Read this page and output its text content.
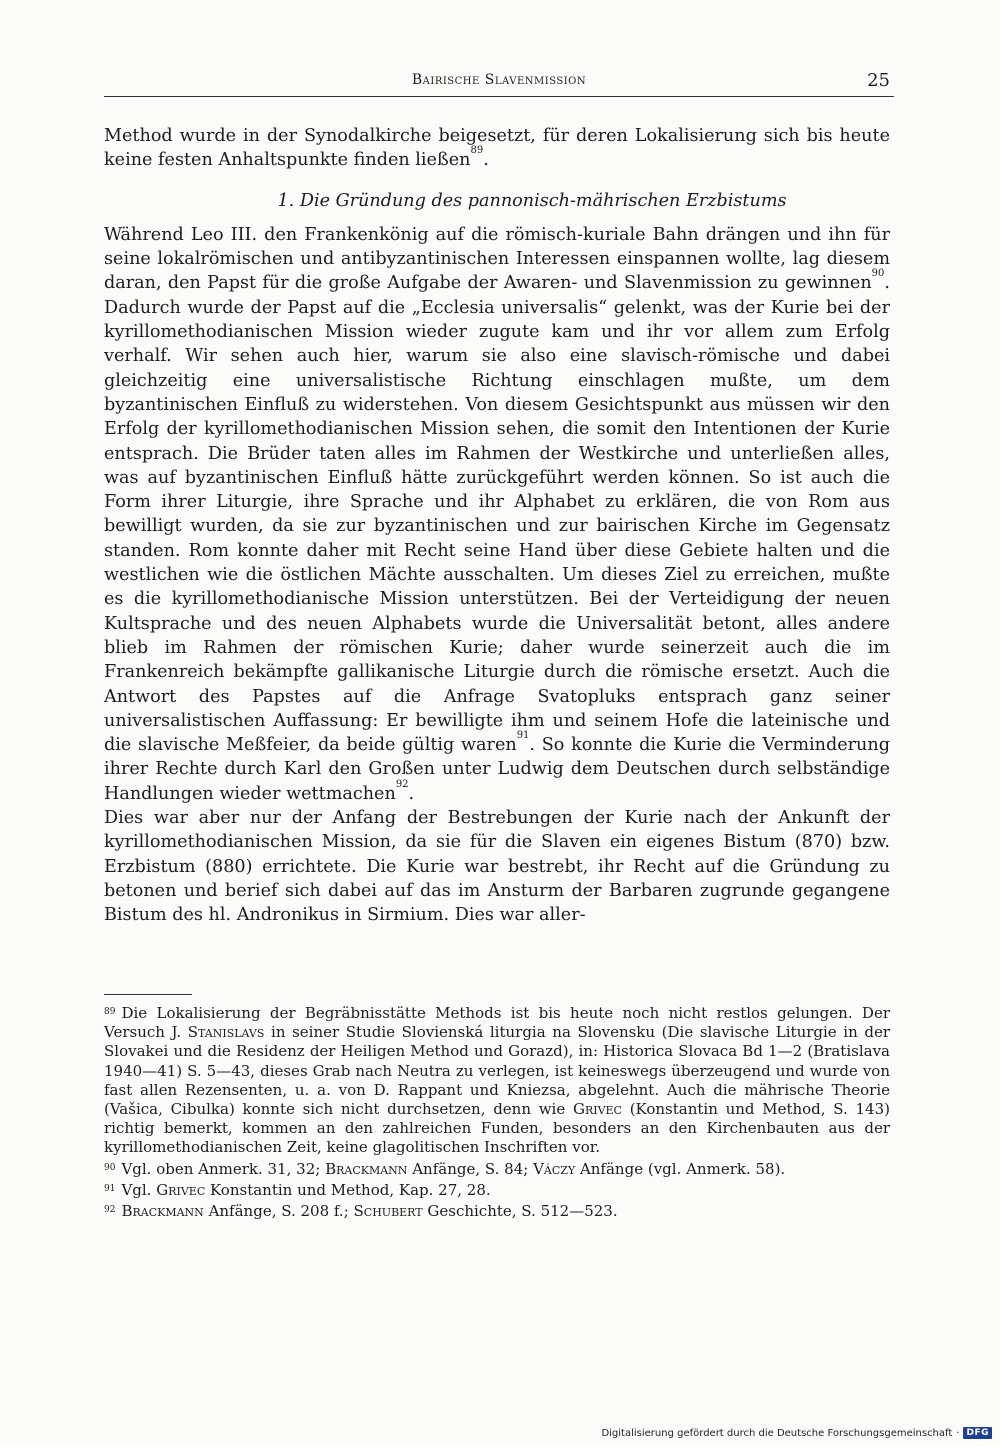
Bairische Slavenmission	25

Method wurde in der Synodalkirche beigesetzt, für deren Lokalisierung sich bis heute keine festen Anhaltspunkte finden ließen$^{89}$.

1. Die Gründung des pannonisch-mährischen Erzbistums

Während Leo III. den Frankenkönig auf die römisch-kuriale Bahn drängen und ihn für seine lokalrömischen und antibyzantinischen Interessen einspannen wollte, lag diesem daran, den Papst für die große Aufgabe der Awaren- und Slavenmission zu gewinnen$^{90}$. Dadurch wurde der Papst auf die „Ecclesia universalis“ gelenkt, was der Kurie bei der kyrillomethodianischen Mission wieder zugute kam und ihr vor allem zum Erfolg verhalf. Wir sehen auch hier, warum sie also eine slavisch-römische und dabei gleichzeitig eine universalistische Richtung einschlagen mußte, um dem byzantinischen Einfluß zu widerstehen. Von diesem Gesichtspunkt aus müssen wir den Erfolg der kyrillomethodianischen Mission sehen, die somit den Intentionen der Kurie entsprach. Die Brüder taten alles im Rahmen der Westkirche und unterließen alles, was auf byzantinischen Einfluß hätte zurückgeführt werden können. So ist auch die Form ihrer Liturgie, ihre Sprache und ihr Alphabet zu erklären, die von Rom aus bewilligt wurden, da sie zur byzantinischen und zur bairischen Kirche im Gegensatz standen. Rom konnte daher mit Recht seine Hand über diese Gebiete halten und die westlichen wie die östlichen Mächte ausschalten. Um dieses Ziel zu erreichen, mußte es die kyrillomethodianische Mission unterstützen. Bei der Verteidigung der neuen Kultsprache und des neuen Alphabets wurde die Universalität betont, alles andere blieb im Rahmen der römischen Kurie; daher wurde seinerzeit auch die im Frankenreich bekämpfte gallikanische Liturgie durch die römische ersetzt. Auch die Antwort des Papstes auf die Anfrage Svatopluks entsprach ganz seiner universalistischen Auffassung: Er bewilligte ihm und seinem Hofe die lateinische und die slavische Meßfeier, da beide gültig waren$^{91}$. So konnte die Kurie die Verminderung ihrer Rechte durch Karl den Großen unter Ludwig dem Deutschen durch selbständige Handlungen wieder wettmachen$^{92}$.

Dies war aber nur der Anfang der Bestrebungen der Kurie nach der Ankunft der kyrillomethodianischen Mission, da sie für die Slaven ein eigenes Bistum (870) bzw. Erzbistum (880) errichtete. Die Kurie war bestrebt, ihr Recht auf die Gründung zu betonen und berief sich dabei auf das im Ansturm der Barbaren zugrunde gegangene Bistum des hl. Andronikus in Sirmium. Dies war aller-

$^{89}$ Die Lokalisierung der Begräbnisstätte Methods ist bis heute noch nicht restlos gelungen. Der Versuch J. Stanislavs in seiner Studie Slovienská liturgia na Slovensku (Die slavische Liturgie in der Slovakei und die Residenz der Heiligen Method und Gorazd), in: Historica Slovaca Bd 1—2 (Bratislava 1940—41) S. 5—43, dieses Grab nach Neutra zu verlegen, ist keineswegs überzeugend und wurde von fast allen Rezensenten, u. a. von D. Rappant und Kniezsa, abgelehnt. Auch die mährische Theorie (Vašica, Cibulka) konnte sich nicht durchsetzen, denn wie Grivec (Konstantin und Method, S. 143) richtig bemerkt, kommen an den zahlreichen Funden, besonders an den Kirchenbauten aus der kyrillomethodianischen Zeit, keine glagolitischen Inschriften vor.

$^{90}$ Vgl. oben Anmerk. 31, 32; Brackmann Anfänge, S. 84; Váczy Anfänge (vgl. Anmerk. 58).

$^{91}$ Vgl. Grivec Konstantin und Method, Kap. 27, 28.

$^{92}$ Brackmann Anfänge, S. 208 f.; Schubert Geschichte, S. 512—523.

Digitalisierung gefördert durch die Deutsche Forschungsgemeinschaft · DFG
